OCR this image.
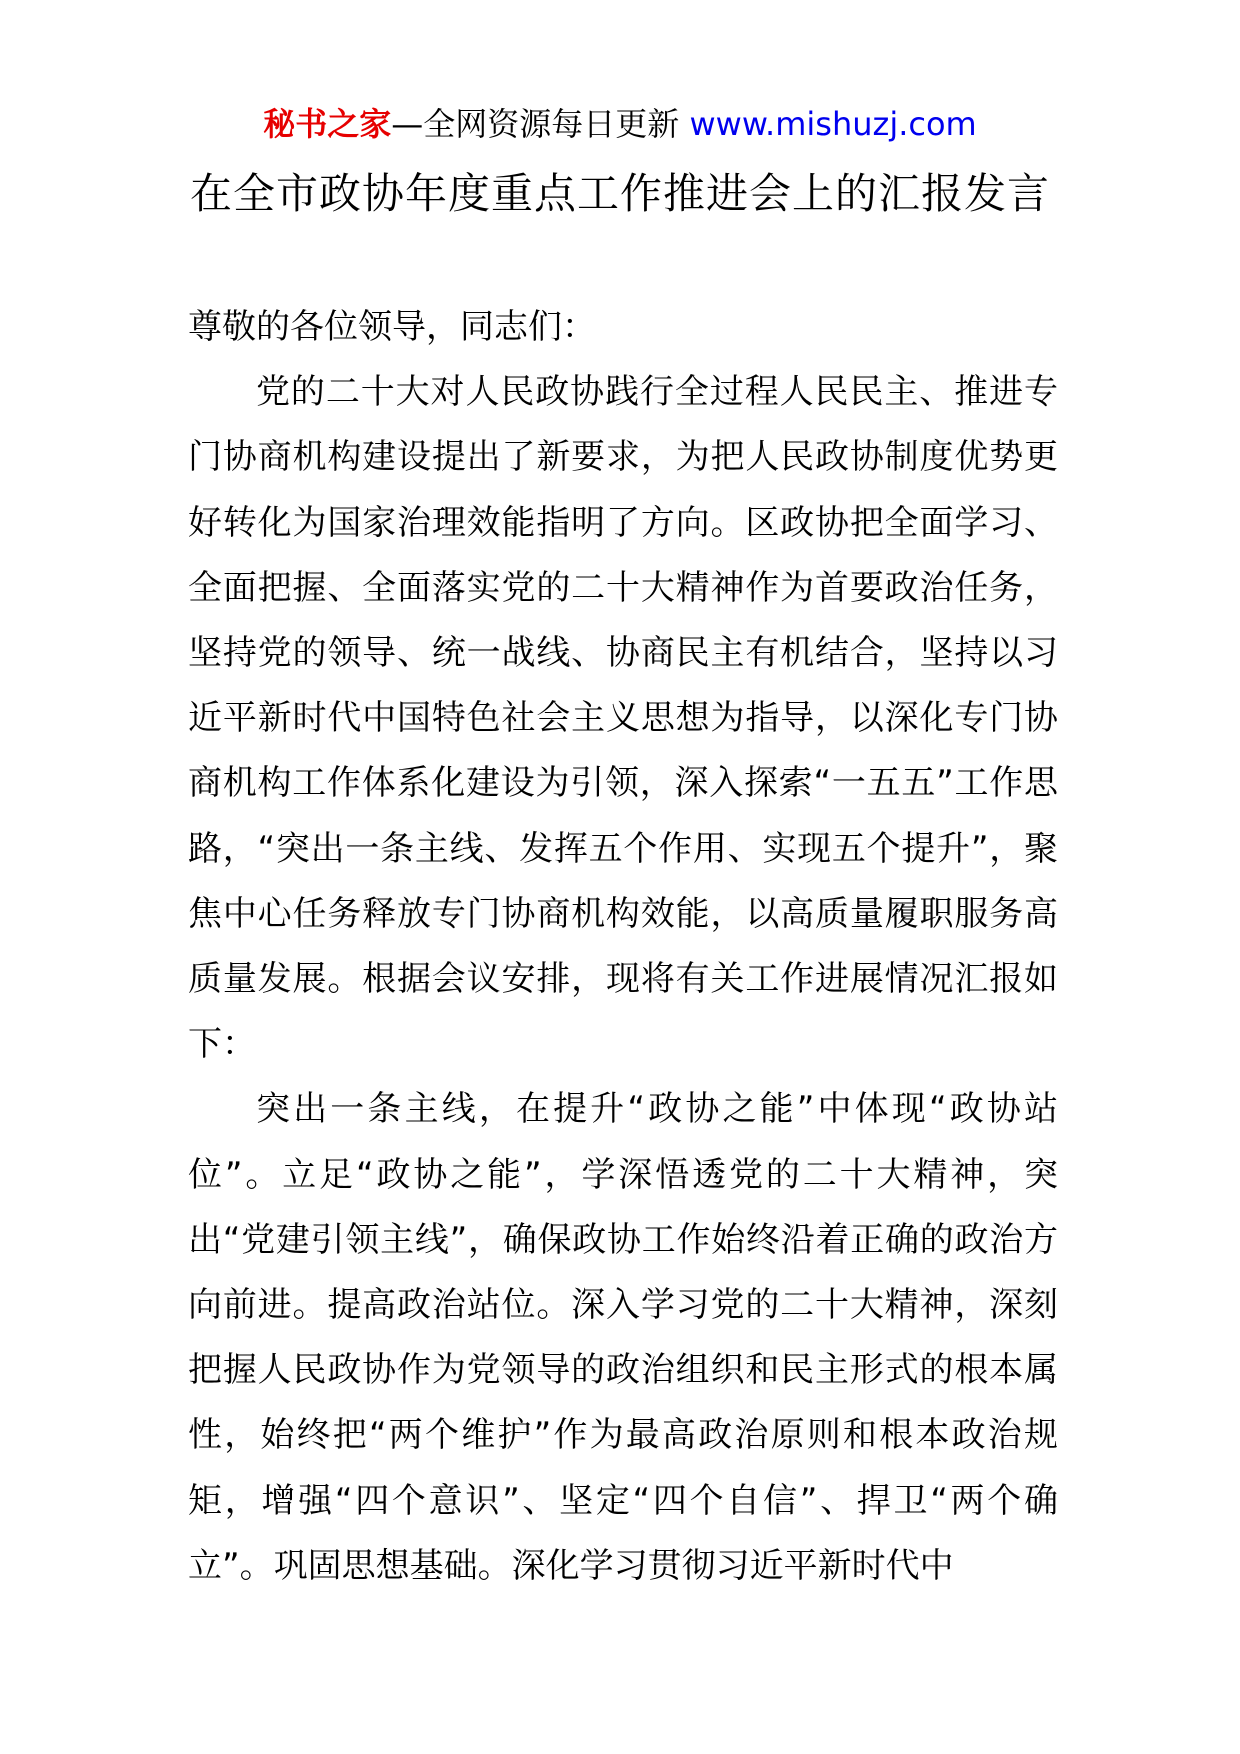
秘书之家—全网资源每日更新 www.mishuzj.com
在全市政协年度重点工作推进会上的汇报发言

尊敬的各位领导，同志们：

党的二十大对人民政协践行全过程人民民主、推进专门协商机构建设提出了新要求，为把人民政协制度优势更好转化为国家治理效能指明了方向。区政协把全面学习、全面把握、全面落实党的二十大精神作为首要政治任务，坚持党的领导、统一战线、协商民主有机结合，坚持以习近平新时代中国特色社会主义思想为指导，以深化专门协商机构工作体系化建设为引领，深入探索“一五五”工作思路，“突出一条主线、发挥五个作用、实现五个提升”，聚焦中心任务释放专门协商机构效能，以高质量履职服务高质量发展。根据会议安排，现将有关工作进展情况汇报如下：

突出一条主线，在提升“政协之能”中体现“政协站位”。立足“政协之能”，学深悟透党的二十大精神，突出“党建引领主线”，确保政协工作始终沿着正确的政治方向前进。提高政治站位。深入学习党的二十大精神，深刻把握人民政协作为党领导的政治组织和民主形式的根本属性，始终把“两个维护”作为最高政治原则和根本政治规矩，增强“四个意识”、坚定“四个自信”、捍卫“两个确立”。巩固思想基础。深化学习贯彻习近平新时代中
